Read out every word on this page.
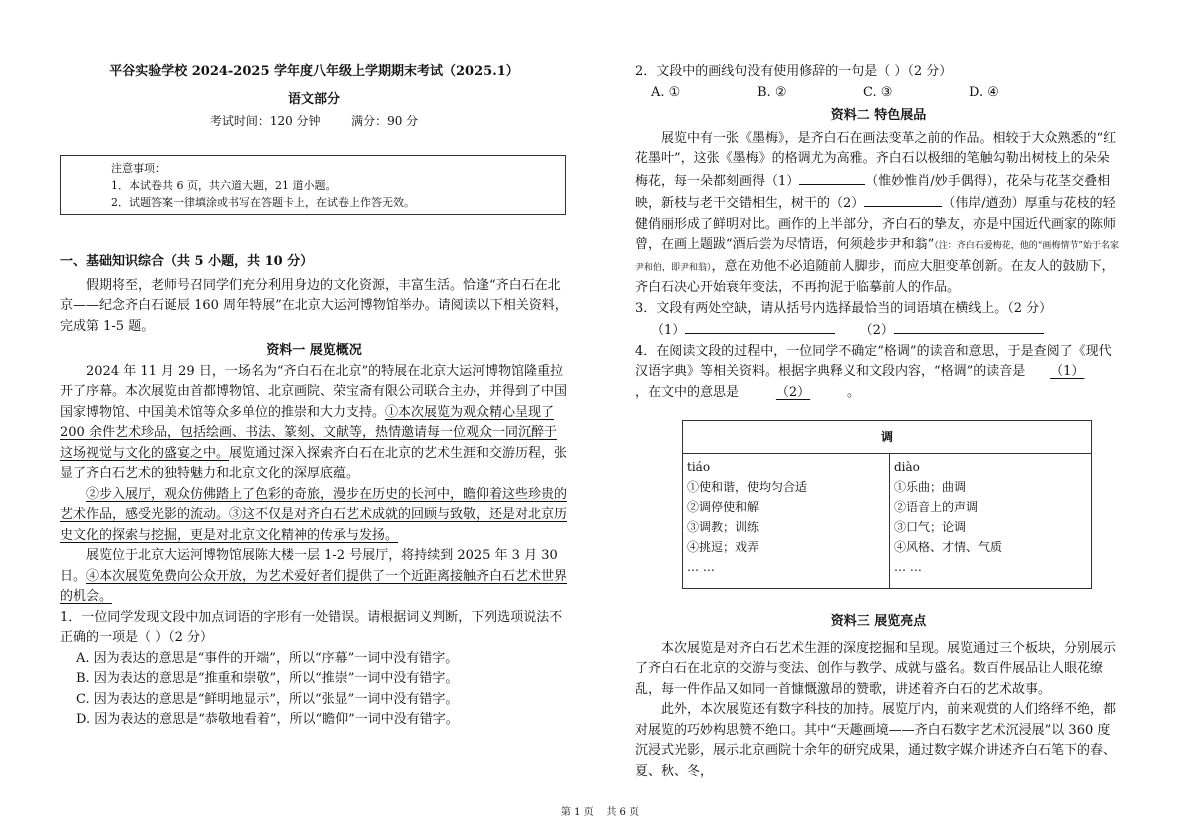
平谷实验学校 2024-2025 学年度八年级上学期期末考试（2025.1）
语文部分
考试时间：120 分钟        满分：90 分
注意事项：
1．本试卷共 6 页，共六道大题，21 道小题。
2．试题答案一律填涂或书写在答题卡上，在试卷上作答无效。

一、基础知识综合（共 5 小题，共 10 分）

假期将至，老师号召同学们充分利用身边的文化资源，丰富生活。恰逢“齐白石在北京——纪念齐白石诞辰 160 周年特展”在北京大运河博物馆举办。请阅读以下相关资料，完成第 1-5 题。

资料一 展览概况

2024 年 11 月 29 日，一场名为“齐白石在北京”的特展在北京大运河博物馆隆重拉开了序幕。本次展览由首都博物馆、北京画院、荣宝斋有限公司联合主办，并得到了中国国家博物馆、中国美术馆等众多单位的推崇和大力支持。①本次展览为观众精心呈现了 200 余件艺术珍品，包括绘画、书法、篆刻、文献等，热情邀请每一位观众一同沉醉于这场视觉与文化的盛宴之中。展览通过深入探索齐白石在北京的艺术生涯和交游历程，张显了齐白石艺术的独特魅力和北京文化的深厚底蕴。

②步入展厅，观众仿佛踏上了色彩的奇旅，漫步在历史的长河中，瞻仰着这些珍贵的艺术作品，感受光影的流动。③这不仅是对齐白石艺术成就的回顾与致敬，还是对北京历史文化的探索与挖掘，更是对北京文化精神的传承与发扬。

展览位于北京大运河博物馆展陈大楼一层 1-2 号展厅，将持续到 2025 年 3 月 30 日。④本次展览免费向公众开放，为艺术爱好者们提供了一个近距离接触齐白石艺术世界的机会。

1．一位同学发现文段中加点词语的字形有一处错误。请根据词义判断，下列选项说法不正确的一项是（ ）（2 分）

A. 因为表达的意思是“事件的开端”，所以“序幕”一词中没有错字。

B. 因为表达的意思是“推重和崇敬”，所以“推崇”一词中没有错字。

C. 因为表达的意思是“鲜明地显示”，所以“张显”一词中没有错字。

D. 因为表达的意思是“恭敬地看着”，所以“瞻仰”一词中没有错字。

2．文段中的画线句没有使用修辞的一句是（ ）（2 分）

A. ①	B. ②	C. ③	D. ④

资料二 特色展品

展览中有一张《墨梅》，是齐白石在画法变革之前的作品。相较于大众熟悉的“红花墨叶”，这张《墨梅》的格调尤为高雅。齐白石以极细的笔触勾勒出树枝上的朵朵梅花，每一朵都刻画得（1）	（惟妙惟肖/妙手偶得），花朵与花茎交叠相映，新枝与老干交错相生，树干的（2）	（伟岸/遒劲）厚重与花枝的轻健俏丽形成了鲜明对比。画作的上半部分，齐白石的挚友，亦是中国近代画家的陈师曾，在画上题跋“酒后尝为尽情语，何须趁步尹和翁”（注：齐白石爱梅花，他的“画梅情节”始于名家尹和伯，即尹和翁），意在劝他不必追随前人脚步，而应大胆变革创新。在友人的鼓励下，齐白石决心开始衰年变法，不再拘泥于临摹前人的作品。

3．文段有两处空缺，请从括号内选择最恰当的词语填在横线上。（2 分）

（1）	（2）

4．在阅读文段的过程中，一位同学不确定“格调”的读音和意思，于是查阅了《现代汉语字典》等相关资料。根据字典释义和文段内容，“格调”的读音是 （1），在文中的意思是	（2）	。

调

tiáo
①使和谐，使均匀合适
②调停使和解
③调教；训练
④挑逗；戏弄
… …

diào
①乐曲；曲调
②语音上的声调
③口气；论调
④风格、才情、气质
… …

资料三 展览亮点

本次展览是对齐白石艺术生涯的深度挖掘和呈现。展览通过三个板块，分别展示了齐白石在北京的交游与变法、创作与教学、成就与盛名。数百件展品让人眼花缭乱，每一件作品又如同一首慷慨激昂的赞歌，讲述着齐白石的艺术故事。

此外，本次展览还有数字科技的加持。展览厅内，前来观赏的人们络绎不绝，都对展览的巧妙构思赞不绝口。其中“天趣画境——齐白石数字艺术沉浸展”以 360 度沉浸式光影，展示北京画院十余年的研究成果，通过数字媒介讲述齐白石笔下的春、夏、秋、冬，

第 1 页    共 6 页
